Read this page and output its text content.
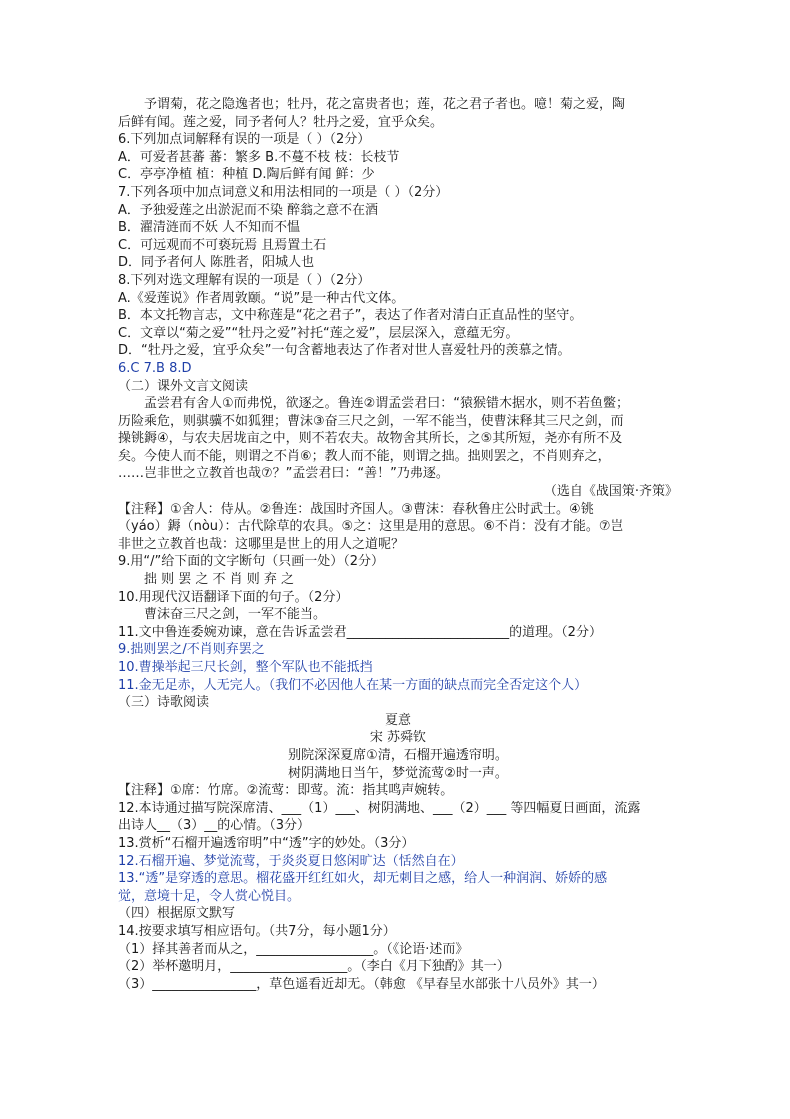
予谓菊，花之隐逸者也；牡丹，花之富贵者也；莲，花之君子者也。噫！菊之爱，陶
后鲜有闻。莲之爱，同予者何人？牡丹之爱，宜乎众矣。
6.下列加点词解释有误的一项是（ ）（2分）
A．可爱者甚蕃 蕃：繁多 B.不蔓不枝 枝：长枝节
C．亭亭净植 植：种植 D.陶后鲜有闻 鲜：少
7.下列各项中加点词意义和用法相同的一项是（ ）（2分）
A．予独爱莲之出淤泥而不染 醉翁之意不在酒
B．濯清涟而不妖 人不知而不愠
C．可远观而不可亵玩焉 且焉置土石
D．同予者何人 陈胜者，阳城人也
8.下列对选文理解有误的一项是（ ）（2分）
A.《爱莲说》作者周敦颐。“说”是一种古代文体。
B．本文托物言志，文中称莲是“花之君子”，表达了作者对清白正直品性的坚守。
C．文章以“菊之爱”“牡丹之爱”衬托“莲之爱”，层层深入，意蕴无穷。
D．“牡丹之爱，宜乎众矣”一句含蓄地表达了作者对世人喜爱牡丹的羡慕之情。
6.C 7.B 8.D
（二）课外文言文阅读
孟尝君有舍人①而弗悦，欲逐之。鲁连②谓孟尝君曰：“猿猴错木据水，则不若鱼鳖；
历险乘危，则骐骥不如狐狸；曹沫③奋三尺之剑，一军不能当，使曹沫释其三尺之剑，而
操铫鎒④，与农夫居垅亩之中，则不若农夫。故物舍其所长，之⑤其所短，尧亦有所不及
矣。今使人而不能，则谓之不肖⑥；教人而不能，则谓之拙。拙则罢之，不肖则弃之，
……岂非世之立教首也哉⑦？”孟尝君曰：“善！”乃弗逐。
（选自《战国策·齐策》
【注释】①舍人：侍从。②鲁连：战国时齐国人。③曹沫：春秋鲁庄公时武士。④铫
（yáo）鎒（nòu）：古代除草的农具。⑤之：这里是用的意思。⑥不肖：没有才能。⑦岂
非世之立教首也哉：这哪里是世上的用人之道呢？
9.用“/”给下面的文字断句（只画一处）（2分）
拙 则 罢 之 不 肖 则 弃 之
10.用现代汉语翻译下面的句子。（2分）
曹沫奋三尺之剑，一军不能当。
11.文中鲁连委婉劝谏，意在告诉孟尝君_________________________的道理。（2分）
9.拙则罢之/不肖则弃罢之
10.曹操举起三尺长剑，整个军队也不能抵挡
11.金无足赤，人无完人。（我们不必因他人在某一方面的缺点而完全否定这个人）
（三）诗歌阅读
夏意
宋 苏舜钦
别院深深夏席①清，石榴开遍透帘明。
树阴满地日当午，梦觉流莺②时一声。
【注释】①席：竹席。②流莺：即莺。流：指其鸣声婉转。
12.本诗通过描写院深席清、___（1）___、树阴满地、___（2）___ 等四幅夏日画面，流露
出诗人__（3）__的心情。（3分）
13.赏析“石榴开遍透帘明”中“透”字的妙处。（3分）
12.石榴开遍、梦觉流莺，于炎炎夏日悠闲旷达（恬然自在）
13.“透”是穿透的意思。榴花盛开红红如火，却无刺目之感，给人一种润润、娇娇的感
觉，意境十足，令人赏心悦目。
（四）根据原文默写
14.按要求填写相应语句。（共7分，每小题1分）
（1）择其善者而从之，__________________。（《论语·述而》
（2）举杯邀明月，__________________。（李白《月下独酌》其一）
（3）________________，草色遥看近却无。（韩愈 《早春呈水部张十八员外》其一）
